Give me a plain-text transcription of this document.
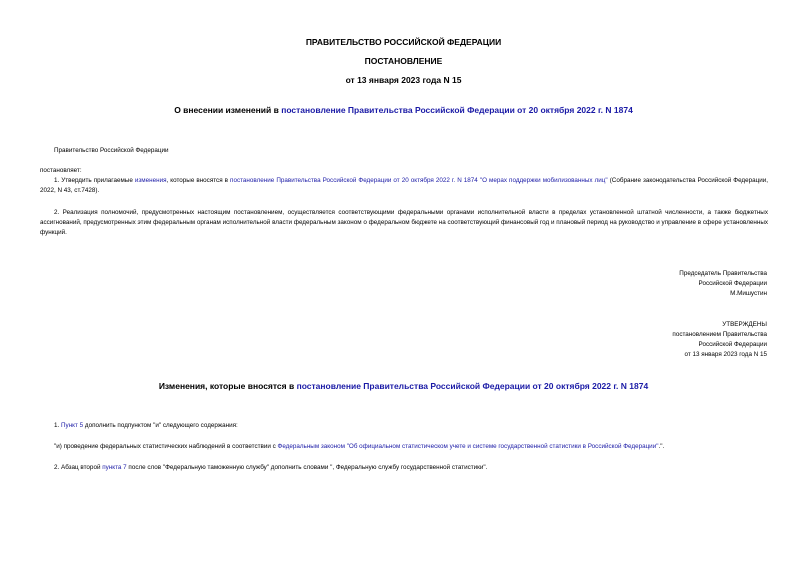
ПРАВИТЕЛЬСТВО РОССИЙСКОЙ ФЕДЕРАЦИИ
ПОСТАНОВЛЕНИЕ
от 13 января 2023 года N 15
О внесении изменений в постановление Правительства Российской Федерации от 20 октября 2022 г. N 1874
Правительство Российской Федерации
постановляет:
1. Утвердить прилагаемые изменения, которые вносятся в постановление Правительства Российской Федерации от 20 октября 2022 г. N 1874 "О мерах поддержки мобилизованных лиц" (Собрание законодательства Российской Федерации, 2022, N 43, ст.7428).
2. Реализация полномочий, предусмотренных настоящим постановлением, осуществляется соответствующими федеральными органами исполнительной власти в пределах установленной штатной численности, а также бюджетных ассигнований, предусмотренных этим федеральным органам исполнительной власти федеральным законом о федеральном бюджете на соответствующий финансовый год и плановый период на руководство и управление в сфере установленных функций.
Председатель Правительства
Российской Федерации
М.Мишустин
УТВЕРЖДЕНЫ
постановлением Правительства
Российской Федерации
от 13 января 2023 года N 15
Изменения, которые вносятся в постановление Правительства Российской Федерации от 20 октября 2022 г. N 1874
1. Пункт 5 дополнить подпунктом "и" следующего содержания:
"и) проведение федеральных статистических наблюдений в соответствии с Федеральным законом "Об официальном статистическом учете и системе государственной статистики в Российской Федерации".".
2. Абзац второй пункта 7 после слов "Федеральную таможенную службу" дополнить словами ", Федеральную службу государственной статистики".
